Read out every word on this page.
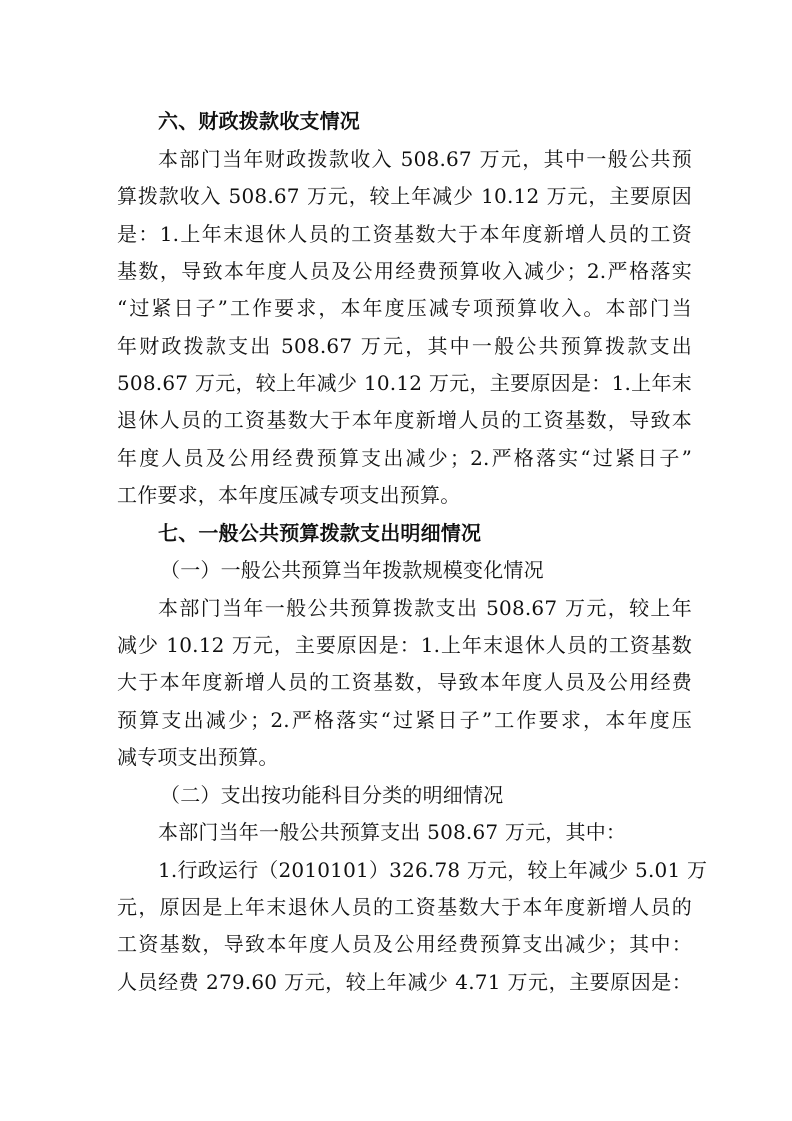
六、财政拨款收支情况
本部门当年财政拨款收入 508.67 万元，其中一般公共预
算拨款收入 508.67 万元，较上年减少 10.12 万元，主要原因
是：1.上年末退休人员的工资基数大于本年度新增人员的工资
基数，导致本年度人员及公用经费预算收入减少；2.严格落实
“过紧日子”工作要求，本年度压减专项预算收入。本部门当
年财政拨款支出 508.67 万元，其中一般公共预算拨款支出
508.67 万元，较上年减少 10.12 万元，主要原因是：1.上年末
退休人员的工资基数大于本年度新增人员的工资基数，导致本
年度人员及公用经费预算支出减少；2.严格落实“过紧日子”
工作要求，本年度压减专项支出预算。
七、一般公共预算拨款支出明细情况
（一）一般公共预算当年拨款规模变化情况
本部门当年一般公共预算拨款支出 508.67 万元，较上年
减少 10.12 万元，主要原因是：1.上年末退休人员的工资基数
大于本年度新增人员的工资基数，导致本年度人员及公用经费
预算支出减少；2.严格落实“过紧日子”工作要求，本年度压
减专项支出预算。
（二）支出按功能科目分类的明细情况
本部门当年一般公共预算支出 508.67 万元，其中：
1.行政运行（2010101）326.78 万元，较上年减少 5.01 万
元，原因是上年末退休人员的工资基数大于本年度新增人员的
工资基数，导致本年度人员及公用经费预算支出减少；其中：
人员经费 279.60 万元，较上年减少 4.71 万元，主要原因是：
